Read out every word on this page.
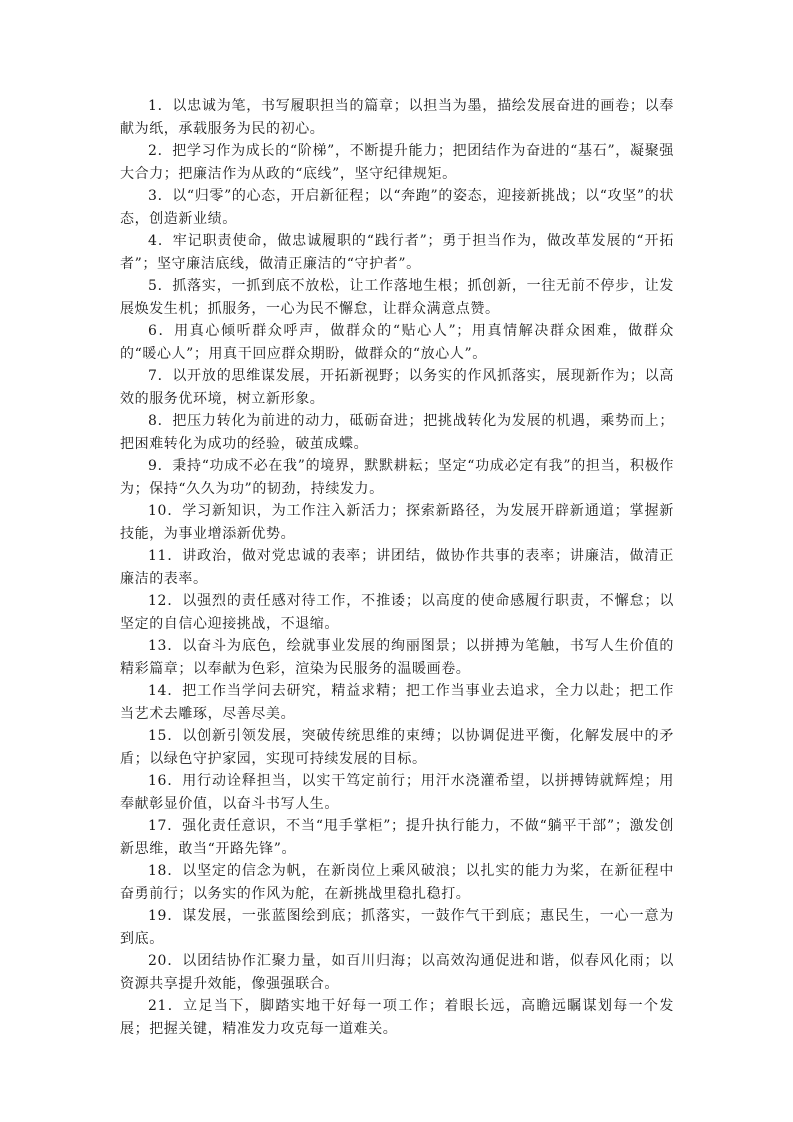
1．以忠诚为笔，书写履职担当的篇章；以担当为墨，描绘发展奋进的画卷；以奉献为纸，承载服务为民的初心。

2．把学习作为成长的“阶梯”，不断提升能力；把团结作为奋进的“基石”，凝聚强大合力；把廉洁作为从政的“底线”，坚守纪律规矩。

3．以“归零”的心态，开启新征程；以“奔跑”的姿态，迎接新挑战；以“攻坚”的状态，创造新业绩。

4．牢记职责使命，做忠诚履职的“践行者”；勇于担当作为，做改革发展的“开拓者”；坚守廉洁底线，做清正廉洁的“守护者”。

5．抓落实，一抓到底不放松，让工作落地生根；抓创新，一往无前不停步，让发展焕发生机；抓服务，一心为民不懈怠，让群众满意点赞。

6．用真心倾听群众呼声，做群众的“贴心人”；用真情解决群众困难，做群众的“暖心人”；用真干回应群众期盼，做群众的“放心人”。

7．以开放的思维谋发展，开拓新视野；以务实的作风抓落实，展现新作为；以高效的服务优环境，树立新形象。

8．把压力转化为前进的动力，砥砺奋进；把挑战转化为发展的机遇，乘势而上；把困难转化为成功的经验，破茧成蝶。

9．秉持“功成不必在我”的境界，默默耕耘；坚定“功成必定有我”的担当，积极作为；保持“久久为功”的韧劲，持续发力。

10．学习新知识，为工作注入新活力；探索新路径，为发展开辟新通道；掌握新技能，为事业增添新优势。

11．讲政治，做对党忠诚的表率；讲团结，做协作共事的表率；讲廉洁，做清正廉洁的表率。

12．以强烈的责任感对待工作，不推诿；以高度的使命感履行职责，不懈怠；以坚定的自信心迎接挑战，不退缩。

13．以奋斗为底色，绘就事业发展的绚丽图景；以拼搏为笔触，书写人生价值的精彩篇章；以奉献为色彩，渲染为民服务的温暖画卷。

14．把工作当学问去研究，精益求精；把工作当事业去追求，全力以赴；把工作当艺术去雕琢，尽善尽美。

15．以创新引领发展，突破传统思维的束缚；以协调促进平衡，化解发展中的矛盾；以绿色守护家园，实现可持续发展的目标。

16．用行动诠释担当，以实干笃定前行；用汗水浇灌希望，以拼搏铸就辉煌；用奉献彰显价值，以奋斗书写人生。

17．强化责任意识，不当“甩手掌柜”；提升执行能力，不做“躺平干部”；激发创新思维，敢当“开路先锋”。

18．以坚定的信念为帆，在新岗位上乘风破浪；以扎实的能力为桨，在新征程中奋勇前行；以务实的作风为舵，在新挑战里稳扎稳打。

19．谋发展，一张蓝图绘到底；抓落实，一鼓作气干到底；惠民生，一心一意为到底。

20．以团结协作汇聚力量，如百川归海；以高效沟通促进和谐，似春风化雨；以资源共享提升效能，像强强联合。

21．立足当下，脚踏实地干好每一项工作；着眼长远，高瞻远瞩谋划每一个发展；把握关键，精准发力攻克每一道难关。
